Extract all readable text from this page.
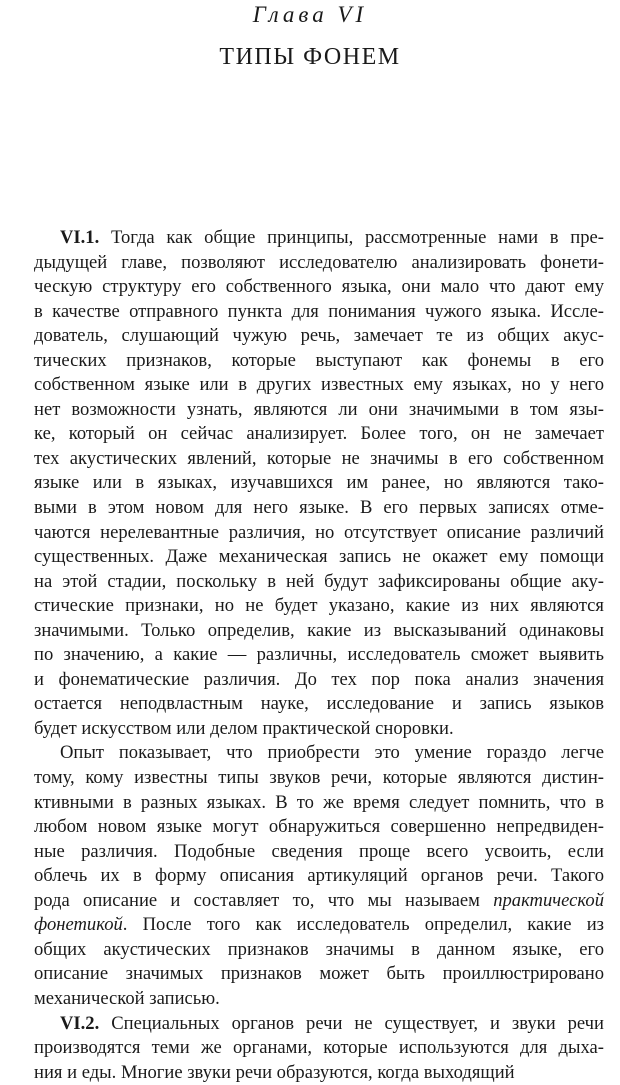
Глава VI
ТИПЫ ФОНЕМ
VI.1. Тогда как общие принципы, рассмотренные нами в пре-
дыдущей главе, позволяют исследователю анализировать фонети-
ческую структуру его собственного языка, они мало что дают ему
в качестве отправного пункта для понимания чужого языка. Иссле-
дователь, слушающий чужую речь, замечает те из общих акус-
тических признаков, которые выступают как фонемы в его
собственном языке или в других известных ему языках, но у него
нет возможности узнать, являются ли они значимыми в том язы-
ке, который он сейчас анализирует. Более того, он не замечает
тех акустических явлений, которые не значимы в его собственном
языке или в языках, изучавшихся им ранее, но являются тако-
выми в этом новом для него языке. В его первых записях отме-
чаются нерелевантные различия, но отсутствует описание различий
существенных. Даже механическая запись не окажет ему помощи
на этой стадии, поскольку в ней будут зафиксированы общие аку-
стические признаки, но не будет указано, какие из них являются
значимыми. Только определив, какие из высказываний одинаковы
по значению, а какие — различны, исследователь сможет выявить
и фонематические различия. До тех пор пока анализ значения
остается неподвластным науке, исследование и запись языков
будет искусством или делом практической сноровки.
Опыт показывает, что приобрести это умение гораздо легче
тому, кому известны типы звуков речи, которые являются дистин-
ктивными в разных языках. В то же время следует помнить, что в
любом новом языке могут обнаружиться совершенно непредвиден-
ные различия. Подобные сведения проще всего усвоить, если
облечь их в форму описания артикуляций органов речи. Такого
рода описание и составляет то, что мы называем практической
фонетикой. После того как исследователь определил, какие из
общих акустических признаков значимы в данном языке, его
описание значимых признаков может быть проиллюстрировано
механической записью.
VI.2. Специальных органов речи не существует, и звуки речи
производятся теми же органами, которые используются для дыха-
ния и еды. Многие звуки речи образуются, когда выходящий
